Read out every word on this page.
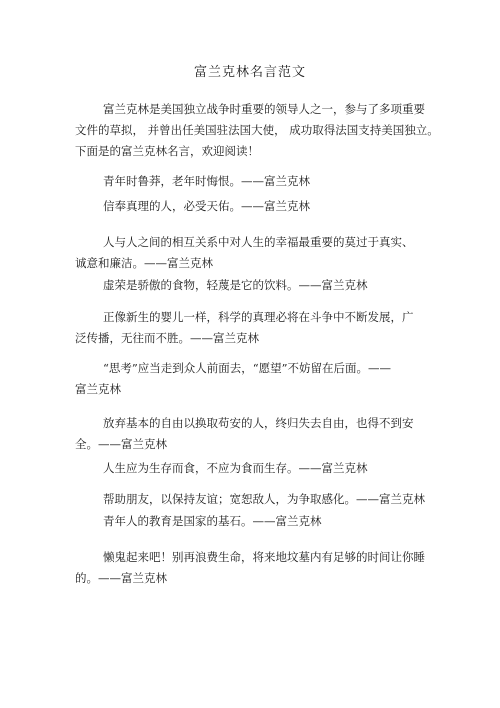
富兰克林名言范文
富兰克林是美国独立战争时重要的领导人之一，参与了多项重要
文件的草拟， 并曾出任美国驻法国大使， 成功取得法国支持美国独立。
下面是的富兰克林名言，欢迎阅读！
青年时鲁莽，老年时悔恨。——富兰克林
信奉真理的人，必受天佑。——富兰克林
人与人之间的相互关系中对人生的幸福最重要的莫过于真实、
诚意和廉洁。——富兰克林
虚荣是骄傲的食物，轻蔑是它的饮料。——富兰克林
正像新生的婴儿一样，科学的真理必将在斗争中不断发展，广
泛传播，无往而不胜。——富兰克林
“思考”应当走到众人前面去，“愿望”不妨留在后面。——
富兰克林
放弃基本的自由以换取苟安的人，终归失去自由，也得不到安
全。——富兰克林
人生应为生存而食，不应为食而生存。——富兰克林
帮助朋友，以保持友谊；宽恕敌人，为争取感化。——富兰克林
青年人的教育是国家的基石。——富兰克林
懒鬼起来吧！别再浪费生命，将来地坟墓内有足够的时间让你睡
的。——富兰克林
